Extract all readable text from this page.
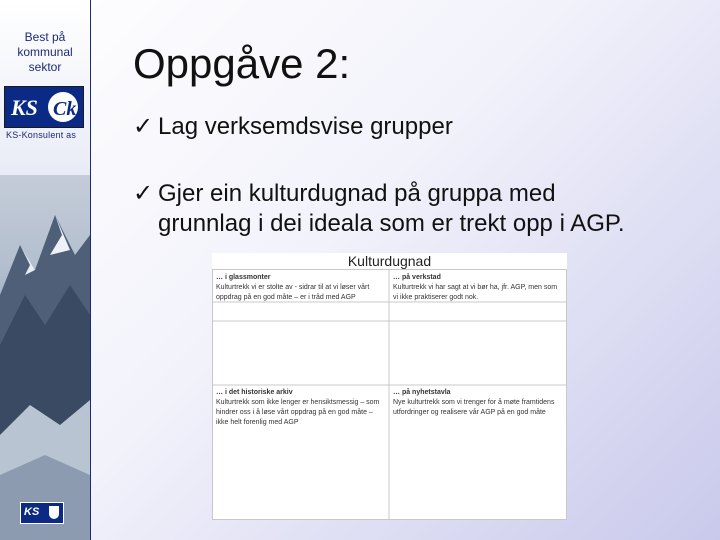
Best på
kommunal
sektor
KS Ck
KS-Konsulent as
KS
Oppgåve 2:
✓ Lag verksemdsvise grupper
✓ Gjer ein kulturdugnad på gruppa med
grunnlag i dei ideala som er trekt opp i AGP.
Kulturdugnad
… i glassmonter
Kulturtrekk vi er stolte av - sidrar til at vi løser vårt oppdrag på en god måte – er i tråd med AGP
… på verkstad
Kulturtrekk vi har sagt at vi bør ha, jfr. AGP, men som vi ikke praktiserer godt nok.
… i det historiske arkiv
Kulturtrekk som ikke lenger er hensiktsmessig – som hindrer oss i å løse vårt oppdrag på en god måte – ikke helt forenlig med AGP
… på nyhetstavla
Nye kulturtrekk som vi trenger for å møte framtidens utfordringer og realisere vår AGP på en god måte
